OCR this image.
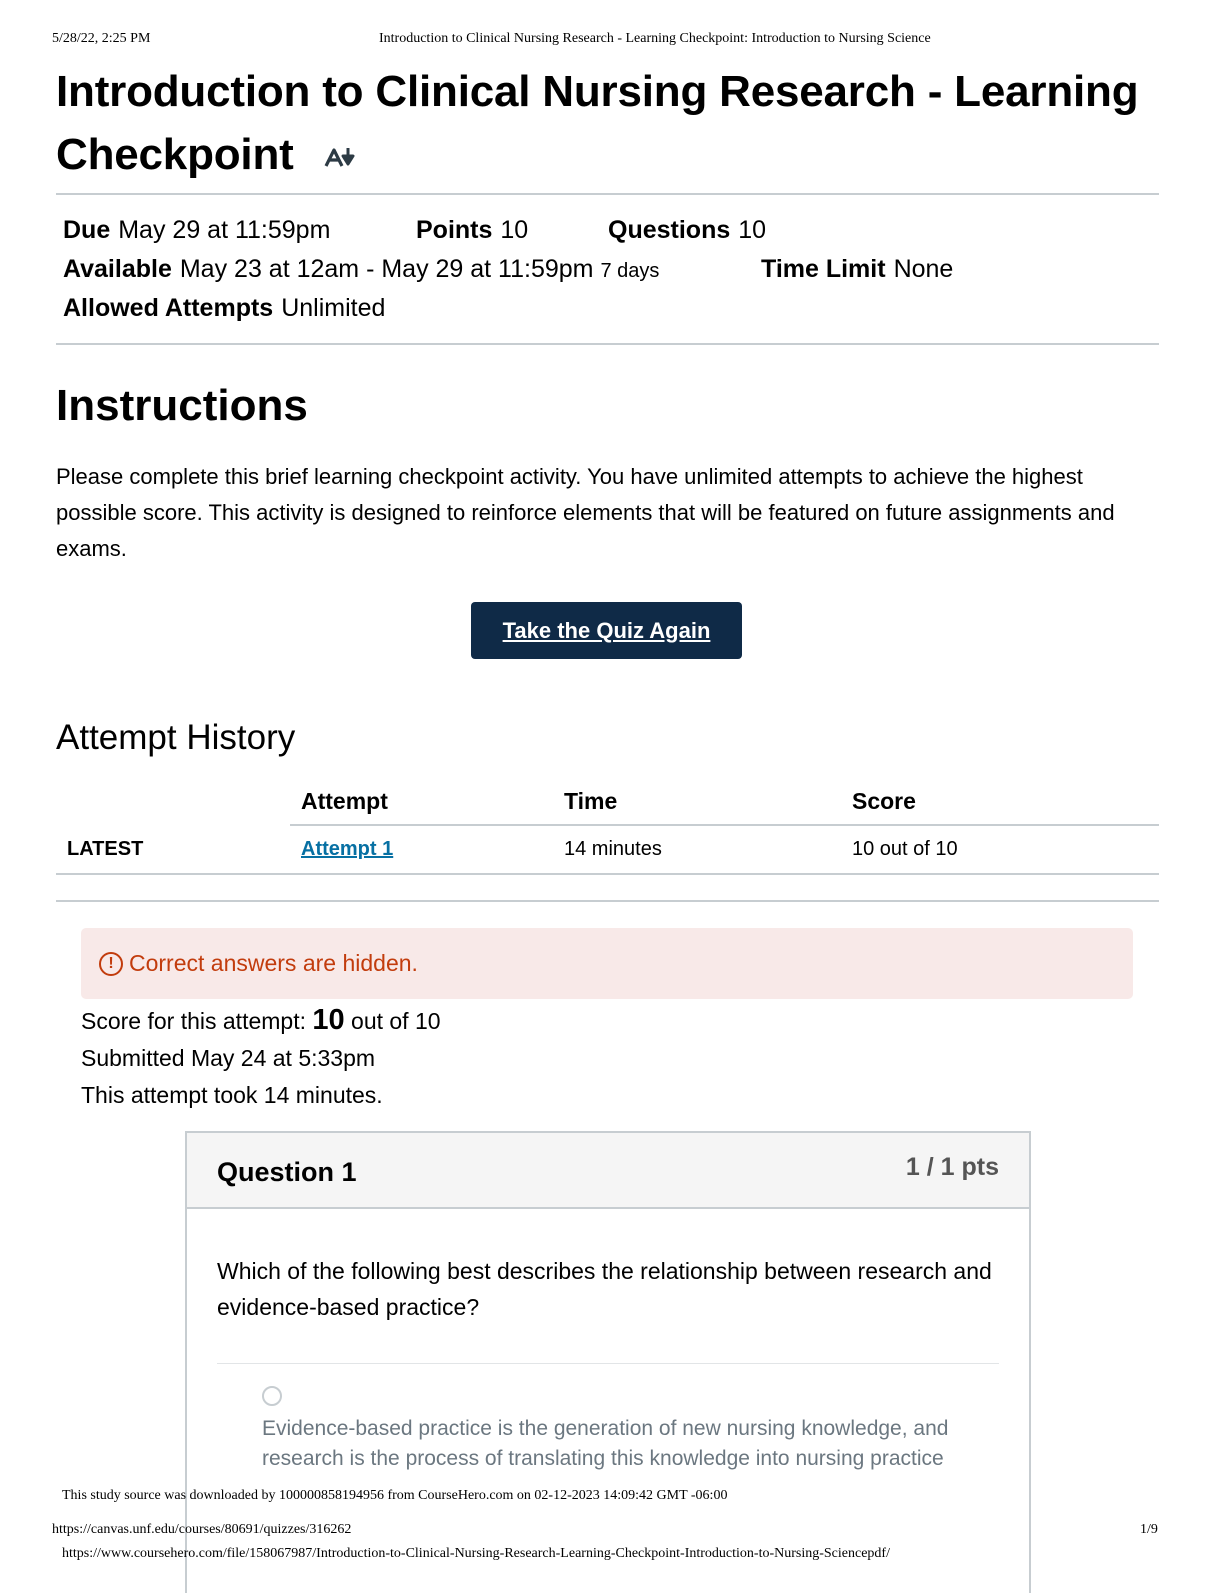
5/28/22, 2:25 PM	Introduction to Clinical Nursing Research - Learning Checkpoint: Introduction to Nursing Science
Introduction to Clinical Nursing Research - Learning
Checkpoint
Due May 29 at 11:59pm	Points 10	Questions 10
Available May 23 at 12am - May 29 at 11:59pm 7 days	Time Limit None
Allowed Attempts Unlimited
Instructions

Please complete this brief learning checkpoint activity. You have unlimited attempts to achieve the highest possible score. This activity is designed to reinforce elements that will be featured on future assignments and exams.

Take the Quiz Again
Attempt History
	Attempt	Time	Score
LATEST	Attempt 1	14 minutes	10 out of 10
! Correct answers are hidden.
Score for this attempt: 10 out of 10
Submitted May 24 at 5:33pm
This attempt took 14 minutes.
Question 1	1 / 1 pts
Which of the following best describes the relationship between research and evidence-based practice?
Evidence-based practice is the generation of new nursing knowledge, and research is the process of translating this knowledge into nursing practice
This study source was downloaded by 100000858194956 from CourseHero.com on 02-12-2023 14:09:42 GMT -06:00
https://canvas.unf.edu/courses/80691/quizzes/316262	1/9
https://www.coursehero.com/file/158067987/Introduction-to-Clinical-Nursing-Research-Learning-Checkpoint-Introduction-to-Nursing-Sciencepdf/
